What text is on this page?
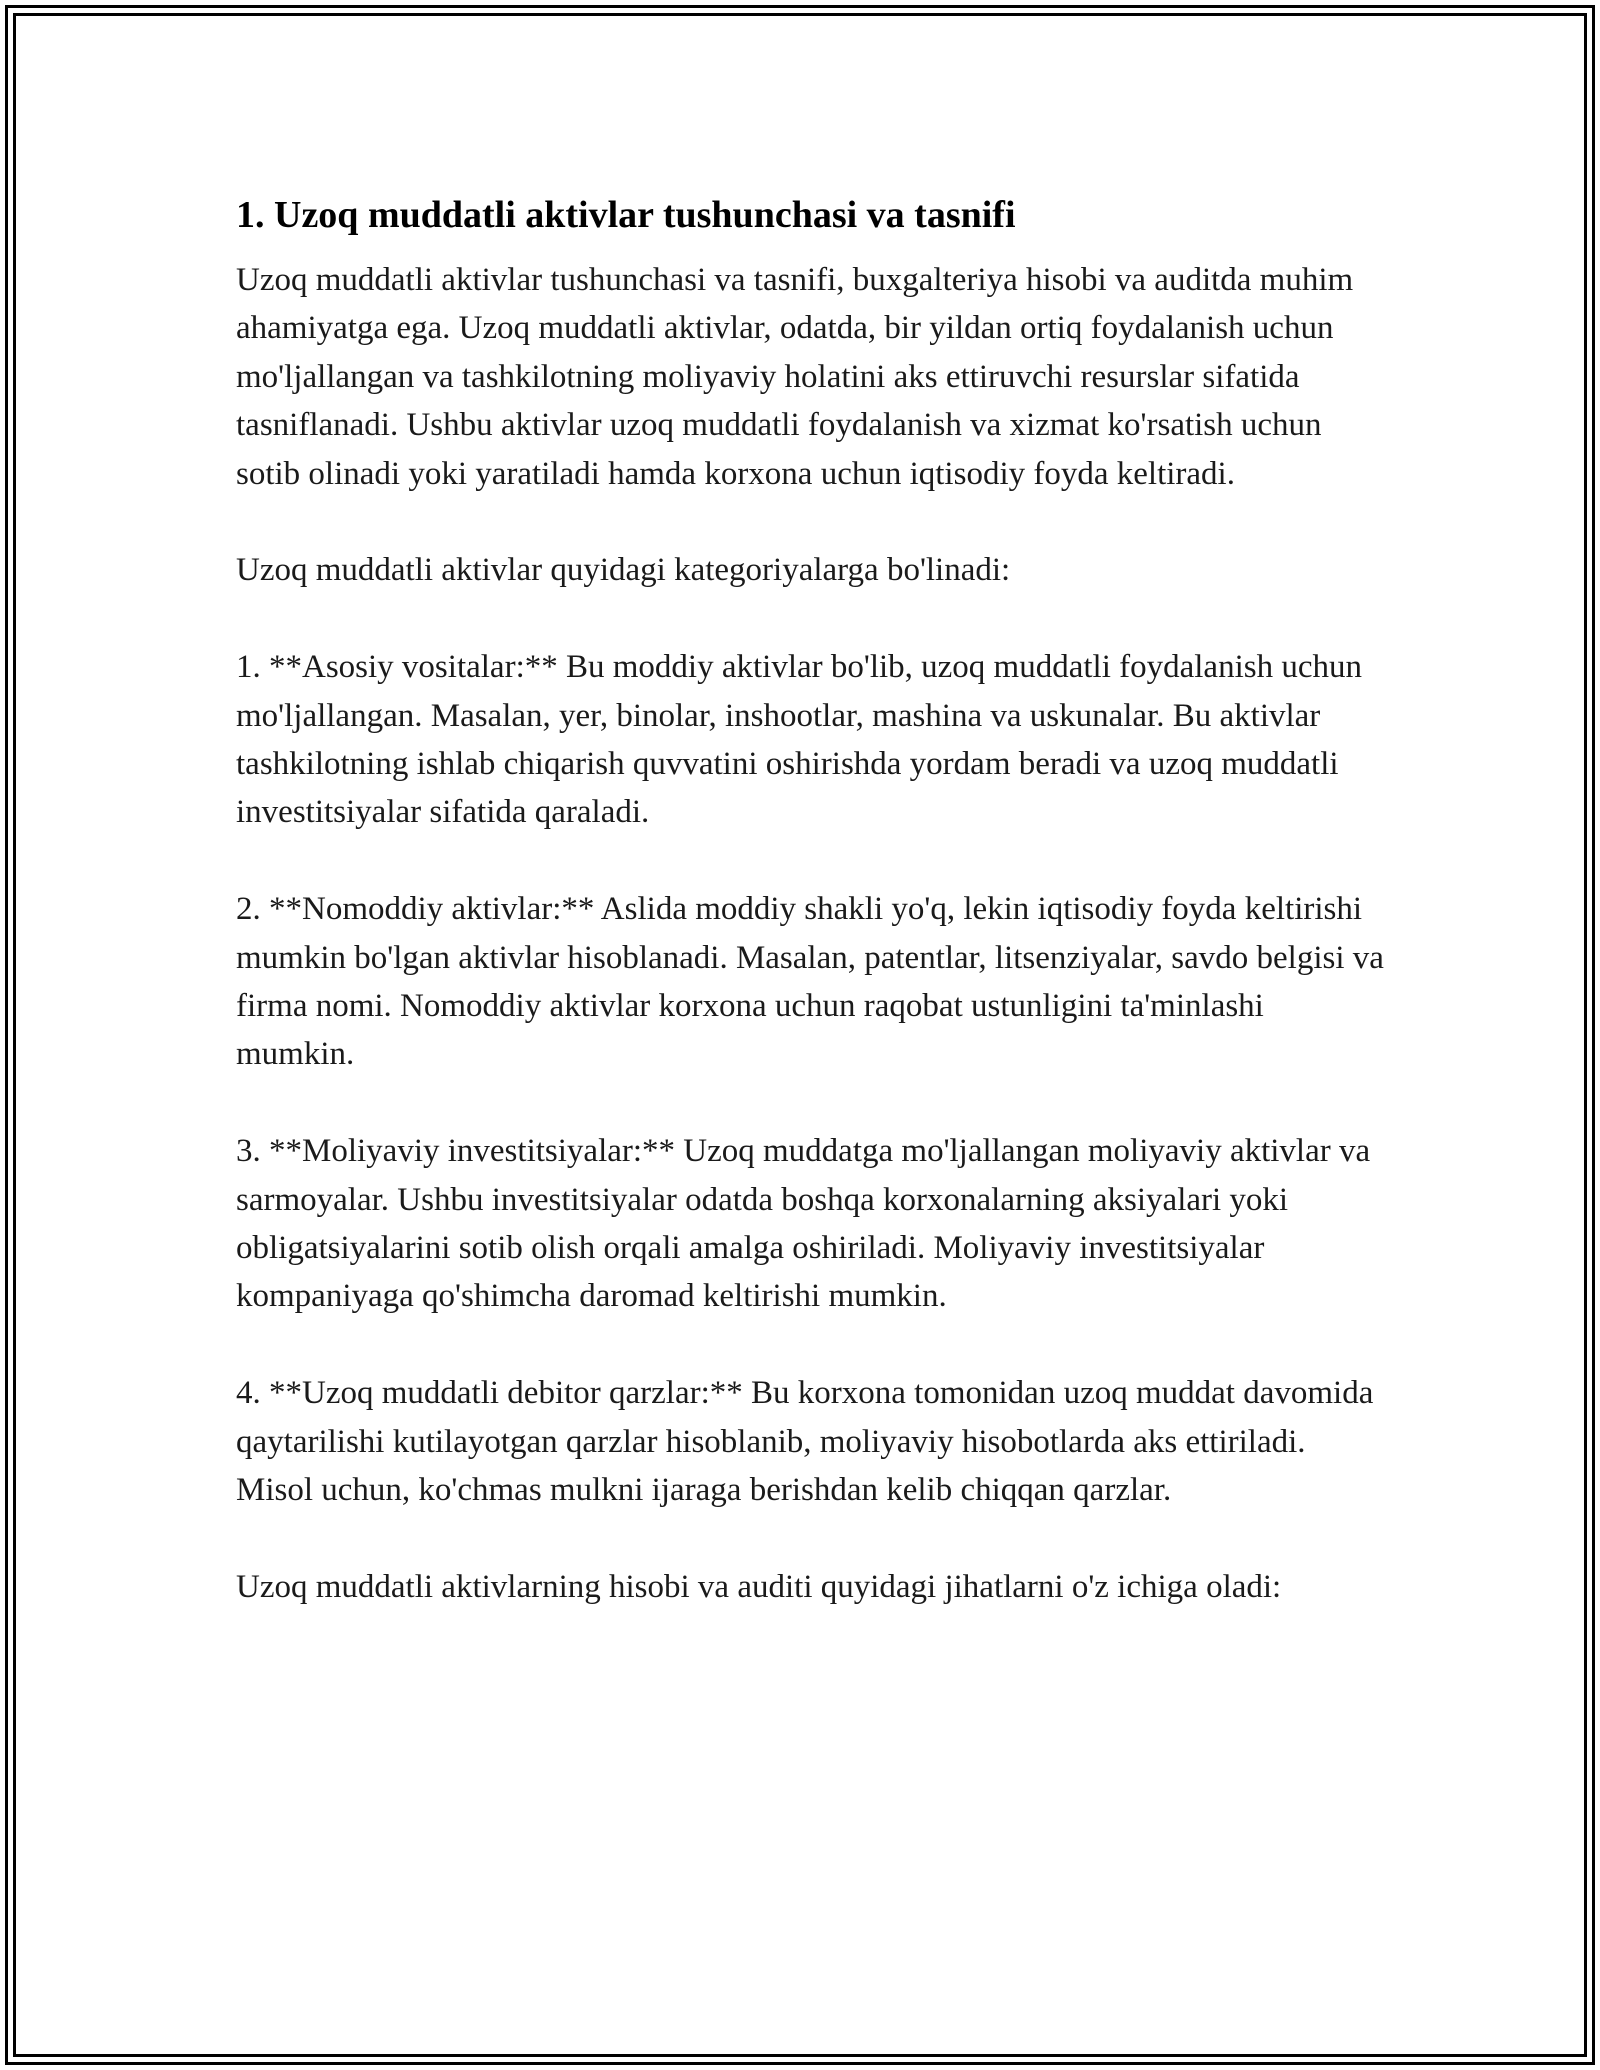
1. Uzoq muddatli aktivlar tushunchasi va tasnifi

Uzoq muddatli aktivlar tushunchasi va tasnifi, buxgalteriya hisobi va auditda muhim ahamiyatga ega. Uzoq muddatli aktivlar, odatda, bir yildan ortiq foydalanish uchun mo'ljallangan va tashkilotning moliyaviy holatini aks ettiruvchi resurslar sifatida tasniflanadi. Ushbu aktivlar uzoq muddatli foydalanish va xizmat ko'rsatish uchun sotib olinadi yoki yaratiladi hamda korxona uchun iqtisodiy foyda keltiradi.

Uzoq muddatli aktivlar quyidagi kategoriyalarga bo'linadi:

1. **Asosiy vositalar:** Bu moddiy aktivlar bo'lib, uzoq muddatli foydalanish uchun mo'ljallangan. Masalan, yer, binolar, inshootlar, mashina va uskunalar. Bu aktivlar tashkilotning ishlab chiqarish quvvatini oshirishda yordam beradi va uzoq muddatli investitsiyalar sifatida qaraladi.

2. **Nomoddiy aktivlar:** Aslida moddiy shakli yo'q, lekin iqtisodiy foyda keltirishi mumkin bo'lgan aktivlar hisoblanadi. Masalan, patentlar, litsenziyalar, savdo belgisi va firma nomi. Nomoddiy aktivlar korxona uchun raqobat ustunligini ta'minlashi mumkin.

3. **Moliyaviy investitsiyalar:** Uzoq muddatga mo'ljallangan moliyaviy aktivlar va sarmoyalar. Ushbu investitsiyalar odatda boshqa korxonalarning aksiyalari yoki obligatsiyalarini sotib olish orqali amalga oshiriladi. Moliyaviy investitsiyalar kompaniyaga qo'shimcha daromad keltirishi mumkin.

4. **Uzoq muddatli debitor qarzlar:** Bu korxona tomonidan uzoq muddat davomida qaytarilishi kutilayotgan qarzlar hisoblanib, moliyaviy hisobotlarda aks ettiriladi. Misol uchun, ko'chmas mulkni ijaraga berishdan kelib chiqqan qarzlar.

Uzoq muddatli aktivlarning hisobi va auditi quyidagi jihatlarni o'z ichiga oladi:
